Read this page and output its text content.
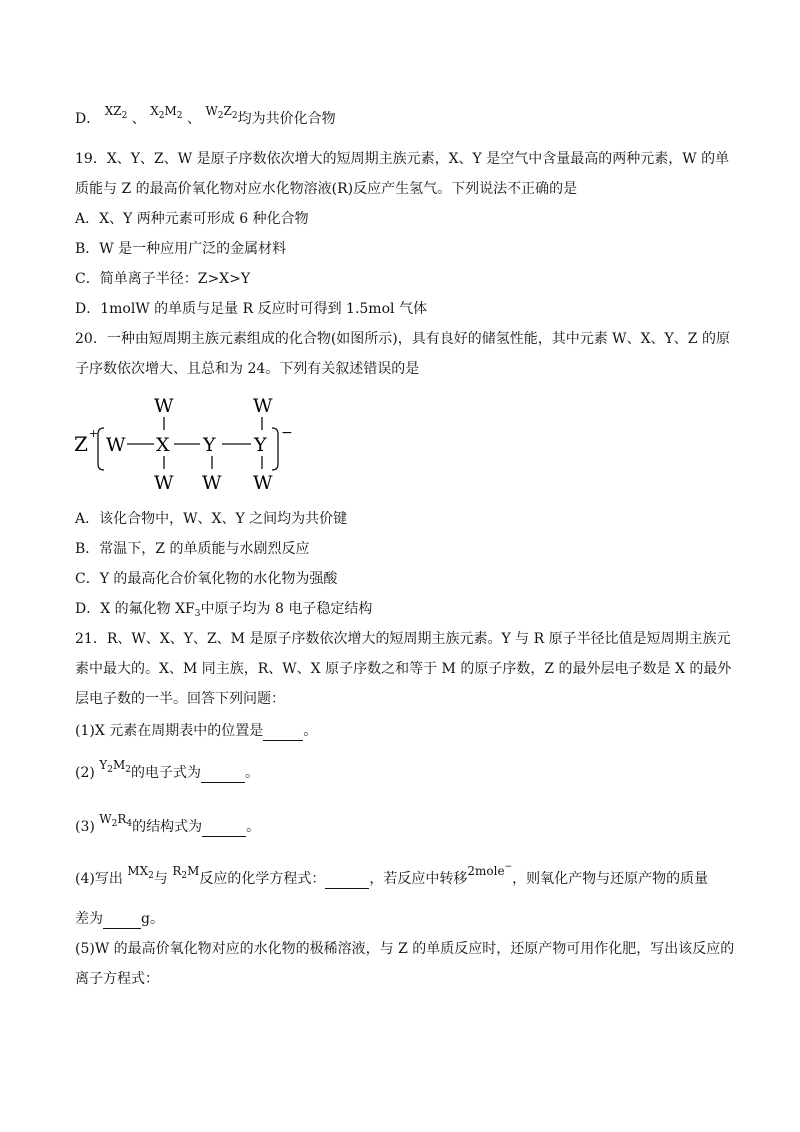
D． $XZ_2$ 、 $X_2M_2$ 、 $W_2Z_2$均为共价化合物
19．X、Y、Z、W 是原子序数依次增大的短周期主族元素，X、Y 是空气中含量最高的两种元素，W 的单
质能与 Z 的最高价氧化物对应水化物溶液(R)反应产生氢气。下列说法不正确的是
A．X、Y 两种元素可形成 6 种化合物
B．W 是一种应用广泛的金属材料
C．简单离子半径：Z>X>Y
D．1molW 的单质与足量 R 反应时可得到 1.5mol 气体
20．一种由短周期主族元素组成的化合物(如图所示)，具有良好的储氢性能，其中元素 W、X、Y、Z 的原
子序数依次增大、且总和为 24。下列有关叙述错误的是
Z +
W	W
W X Y Y
W W W
−
A．该化合物中，W、X、Y 之间均为共价键
B．常温下，Z 的单质能与水剧烈反应
C．Y 的最高化合价氧化物的水化物为强酸
D．X 的氟化物 $XF_3$中原子均为 8 电子稳定结构
21．R、W、X、Y、Z、M 是原子序数依次增大的短周期主族元素。Y 与 R 原子半径比值是短周期主族元
素中最大的。X、M 同主族，R、W、X 原子序数之和等于 M 的原子序数，Z 的最外层电子数是 X 的最外
层电子数的一半。回答下列问题：
(1)X 元素在周期表中的位置是	。
(2) $Y_2M_2$的电子式为	。
(3) $W_2R_4$的结构式为	。
(4)写出 $MX_2$与 $R_2M$反应的化学方程式：	，若反应中转移2mole−，则氧化产物与还原产物的质量
差为	g。
(5)W 的最高价氧化物对应的水化物的极稀溶液，与 Z 的单质反应时，还原产物可用作化肥，写出该反应的
离子方程式：
